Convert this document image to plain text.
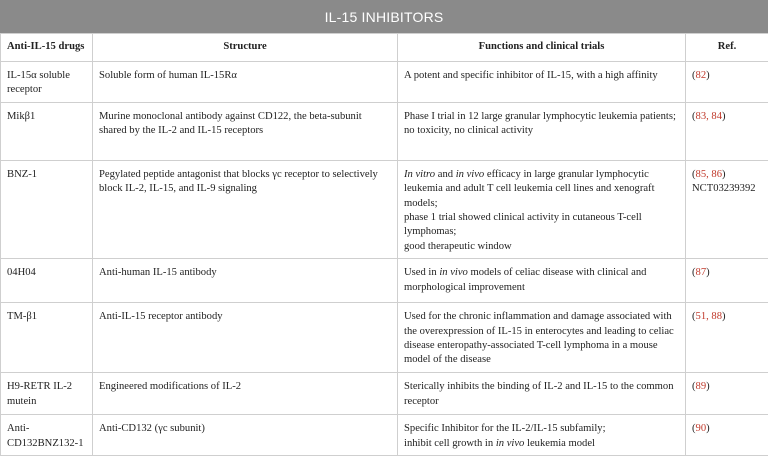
IL-15 INHIBITORS
Anti-IL-15 drugs	Structure	Functions and clinical trials	Ref.
IL-15α soluble receptor	Soluble form of human IL-15Rα	A potent and specific inhibitor of IL-15, with a high affinity	(82)
Mikβ1	Murine monoclonal antibody against CD122, the beta-subunit shared by the IL-2 and IL-15 receptors	Phase I trial in 12 large granular lymphocytic leukemia patients;
no toxicity, no clinical activity	(83, 84)
BNZ-1	Pegylated peptide antagonist that blocks γc receptor to selectively block IL-2, IL-15, and IL-9 signaling	In vitro and in vivo efficacy in large granular lymphocytic leukemia and adult T cell leukemia cell lines and xenograft models;
phase 1 trial showed clinical activity in cutaneous T-cell lymphomas;
good therapeutic window	(85, 86)
NCT03239392

04H04	Anti-human IL-15 antibody	Used in in vivo models of celiac disease with clinical and morphological improvement	(87)
TM-β1	Anti-IL-15 receptor antibody	Used for the chronic inflammation and damage associated with the overexpression of IL-15 in enterocytes and leading to celiac disease enteropathy-associated T-cell lymphoma in a mouse model of the disease	(51, 88)
H9-RETR IL-2 mutein	Engineered modifications of IL-2	Sterically inhibits the binding of IL-2 and IL-15 to the common receptor	(89)
Anti-CD132BNZ132-1	Anti-CD132 (γc subunit)	Specific Inhibitor for the IL-2/IL-15 subfamily;
inhibit cell growth in in vivo leukemia model	(90)
